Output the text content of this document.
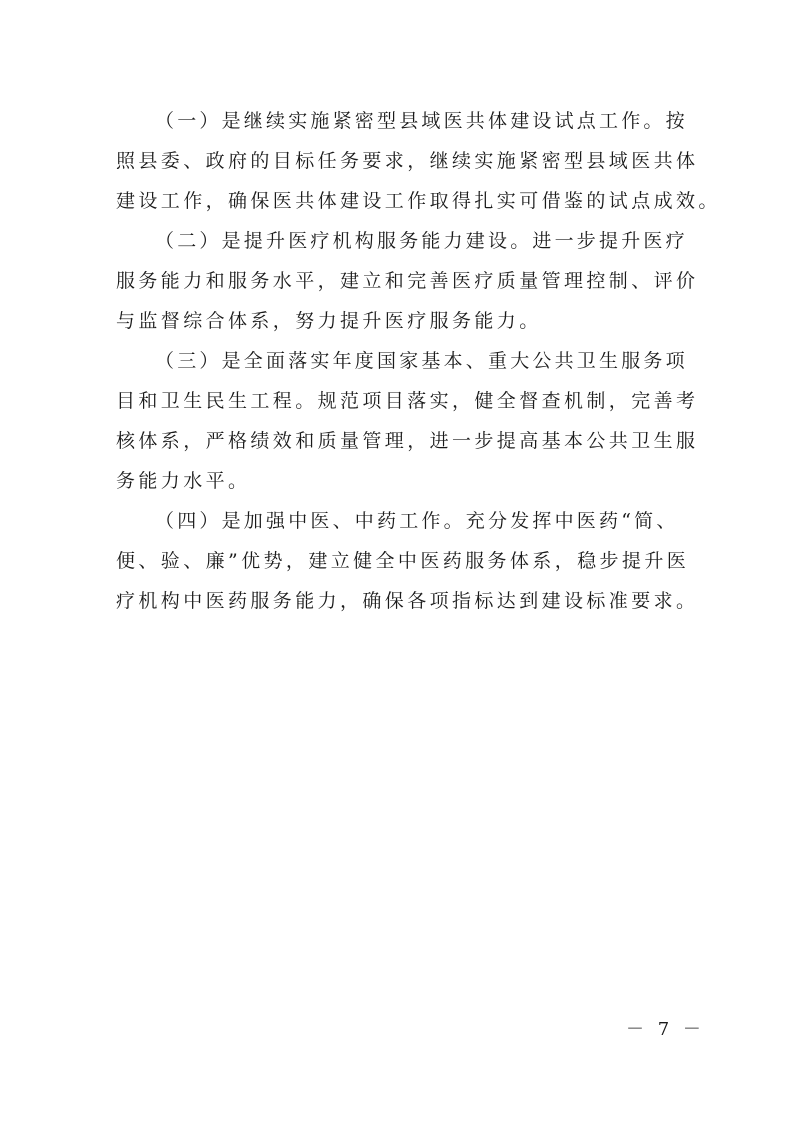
（一）是继续实施紧密型县域医共体建设试点工作。按
照县委、政府的目标任务要求，继续实施紧密型县域医共体
建设工作，确保医共体建设工作取得扎实可借鉴的试点成效。
（二）是提升医疗机构服务能力建设。进一步提升医疗
服务能力和服务水平，建立和完善医疗质量管理控制、评价
与监督综合体系，努力提升医疗服务能力。
（三）是全面落实年度国家基本、重大公共卫生服务项
目和卫生民生工程。规范项目落实，健全督查机制，完善考
核体系，严格绩效和质量管理，进一步提高基本公共卫生服
务能力水平。
（四）是加强中医、中药工作。充分发挥中医药“简、
便、验、廉”优势，建立健全中医药服务体系，稳步提升医
疗机构中医药服务能力，确保各项指标达到建设标准要求。
－ 7 －
